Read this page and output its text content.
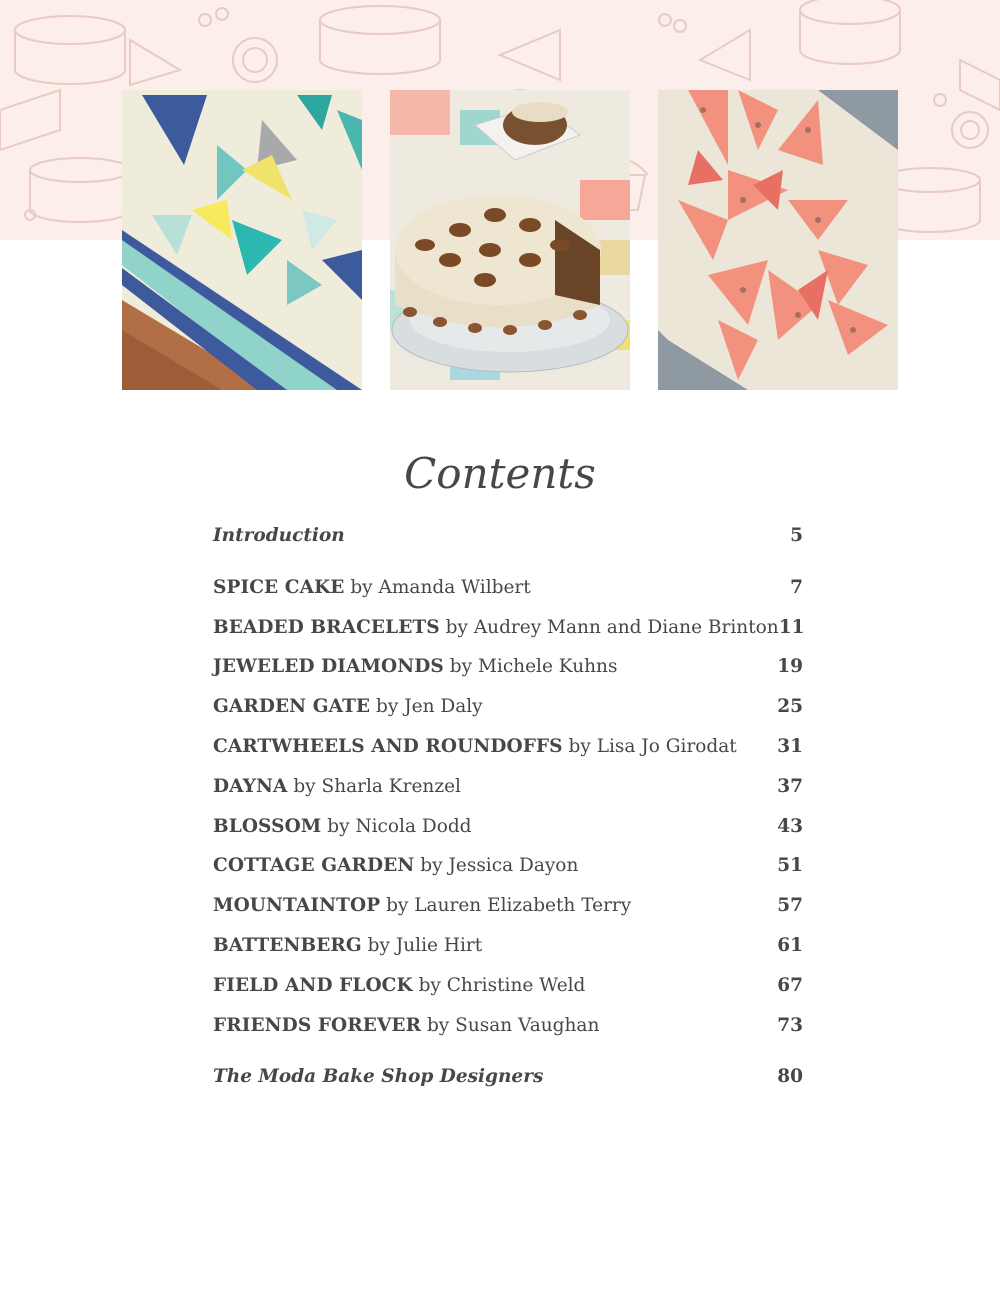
Contents
Introduction	5
SPICE CAKE by Amanda Wilbert	7
BEADED BRACELETS by Audrey Mann and Diane Brinton 11
JEWELED DIAMONDS by Michele Kuhns	19
GARDEN GATE by Jen Daly	25
CARTWHEELS AND ROUNDOFFS by Lisa Jo Girodat 31
DAYNA by Sharla Krenzel	37
BLOSSOM by Nicola Dodd	43
COTTAGE GARDEN by Jessica Dayon	51
MOUNTAINTOP by Lauren Elizabeth Terry	57
BATTENBERG by Julie Hirt	61
FIELD AND FLOCK by Christine Weld	67
FRIENDS FOREVER by Susan Vaughan	73
The Moda Bake Shop Designers	80
